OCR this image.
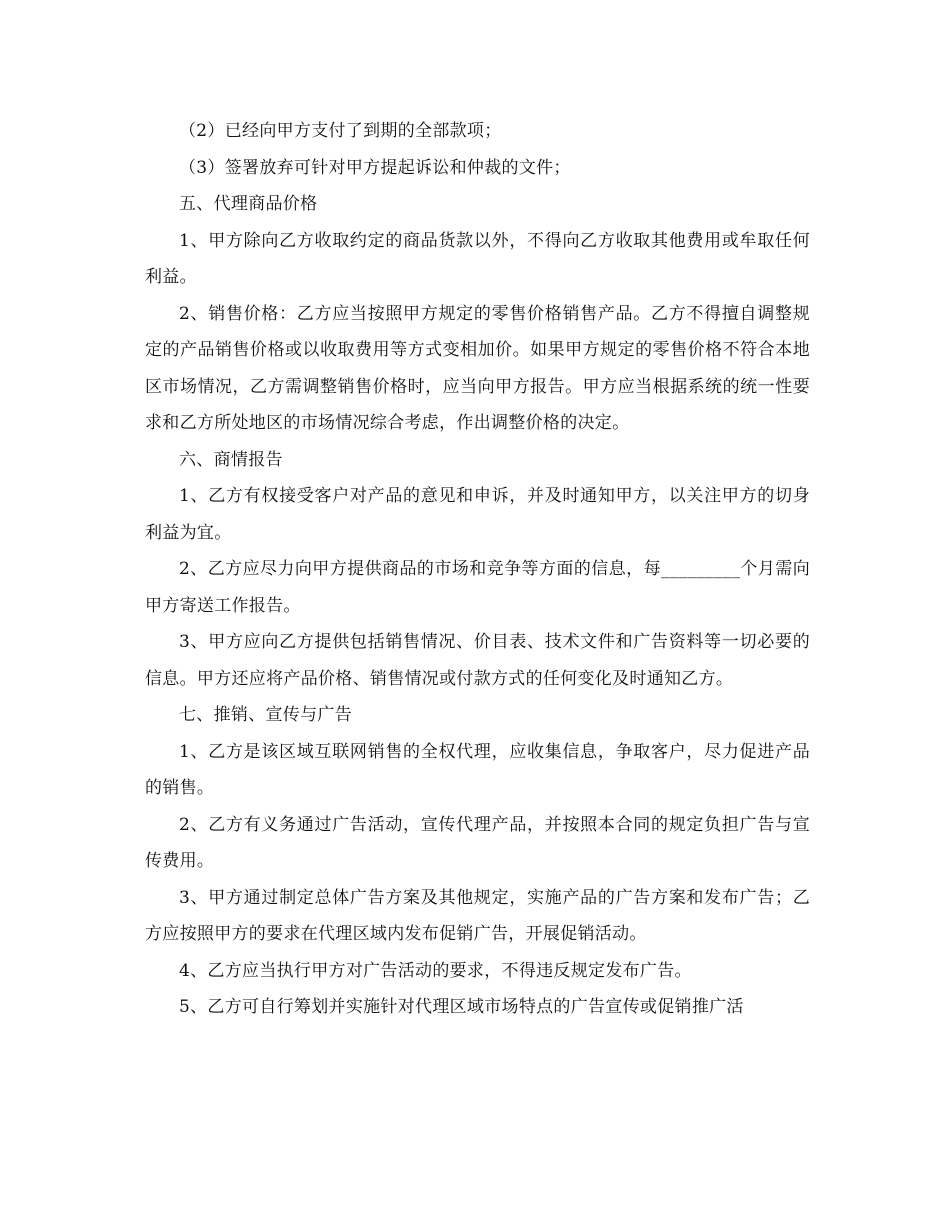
（2）已经向甲方支付了到期的全部款项；

（3）签署放弃可针对甲方提起诉讼和仲裁的文件；

五、代理商品价格

1、甲方除向乙方收取约定的商品货款以外，不得向乙方收取其他费用或牟取任何利益。

2、销售价格：乙方应当按照甲方规定的零售价格销售产品。乙方不得擅自调整规定的产品销售价格或以收取费用等方式变相加价。如果甲方规定的零售价格不符合本地区市场情况，乙方需调整销售价格时，应当向甲方报告。甲方应当根据系统的统一性要求和乙方所处地区的市场情况综合考虑，作出调整价格的决定。

六、商情报告

1、乙方有权接受客户对产品的意见和申诉，并及时通知甲方，以关注甲方的切身利益为宜。

2、乙方应尽力向甲方提供商品的市场和竞争等方面的信息，每_________个月需向甲方寄送工作报告。

3、甲方应向乙方提供包括销售情况、价目表、技术文件和广告资料等一切必要的信息。甲方还应将产品价格、销售情况或付款方式的任何变化及时通知乙方。

七、推销、宣传与广告

1、乙方是该区域互联网销售的全权代理，应收集信息，争取客户，尽力促进产品的销售。

2、乙方有义务通过广告活动，宣传代理产品，并按照本合同的规定负担广告与宣传费用。

3、甲方通过制定总体广告方案及其他规定，实施产品的广告方案和发布广告；乙方应按照甲方的要求在代理区域内发布促销广告，开展促销活动。

4、乙方应当执行甲方对广告活动的要求，不得违反规定发布广告。

5、乙方可自行筹划并实施针对代理区域市场特点的广告宣传或促销推广活
